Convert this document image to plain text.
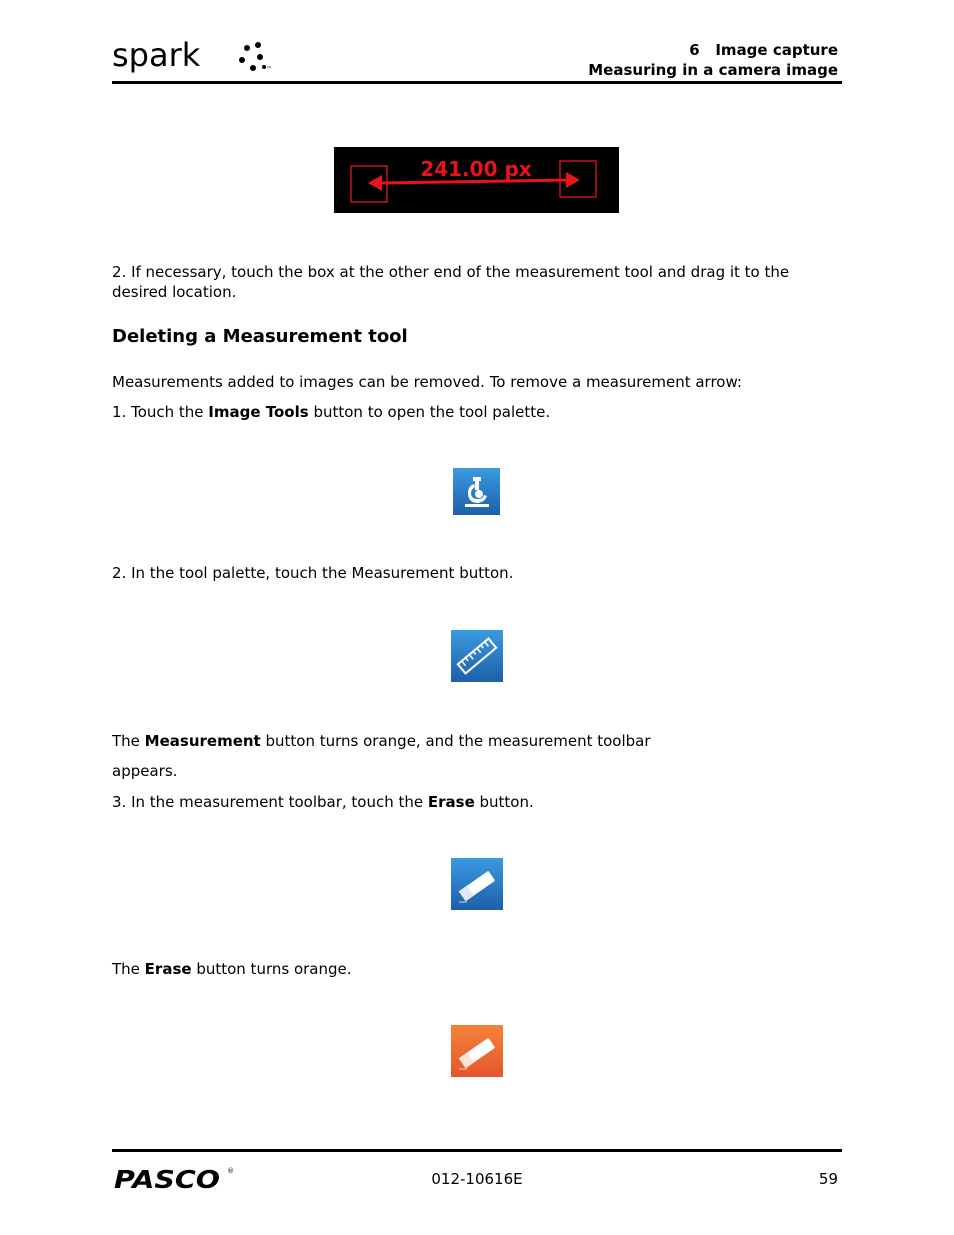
spark	™
6   Image capture
Measuring in a camera image
241.00 px
2. If necessary, touch the box at the other end of the measurement tool and drag it to the desired location.
Deleting a Measurement tool
Measurements added to images can be removed. To remove a measurement arrow:
1. Touch the Image Tools button to open the tool palette.
2. In the tool palette, touch the Measurement button.
The Measurement button turns orange, and the measurement toolbar
appears.
3. In the measurement toolbar, touch the Erase button.
The Erase button turns orange.
PASCO ®	012-10616E	59
